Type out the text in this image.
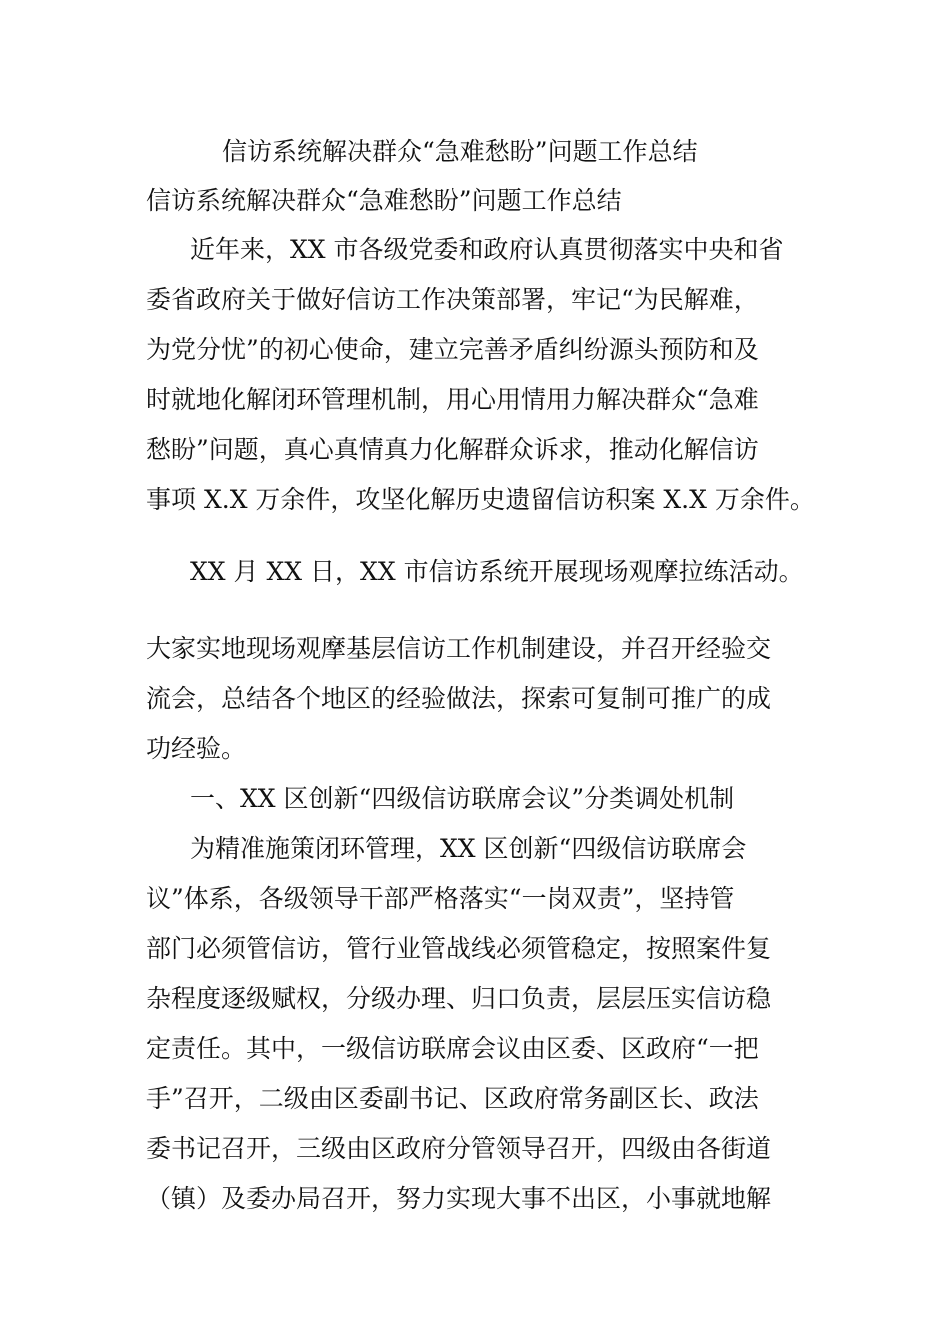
信访系统解决群众“急难愁盼”问题工作总结
信访系统解决群众“急难愁盼”问题工作总结
近年来，XX 市各级党委和政府认真贯彻落实中央和省
委省政府关于做好信访工作决策部署，牢记“为民解难，
为党分忧”的初心使命，建立完善矛盾纠纷源头预防和及
时就地化解闭环管理机制，用心用情用力解决群众“急难
愁盼”问题，真心真情真力化解群众诉求，推动化解信访
事项 X.X 万余件，攻坚化解历史遗留信访积案 X.X 万余件。
XX 月 XX 日，XX 市信访系统开展现场观摩拉练活动。
大家实地现场观摩基层信访工作机制建设，并召开经验交
流会，总结各个地区的经验做法，探索可复制可推广的成
功经验。
一、XX 区创新“四级信访联席会议”分类调处机制
为精准施策闭环管理，XX 区创新“四级信访联席会
议”体系，各级领导干部严格落实“一岗双责”，坚持管
部门必须管信访，管行业管战线必须管稳定，按照案件复
杂程度逐级赋权，分级办理、归口负责，层层压实信访稳
定责任。其中，一级信访联席会议由区委、区政府“一把
手”召开，二级由区委副书记、区政府常务副区长、政法
委书记召开，三级由区政府分管领导召开，四级由各街道
（镇）及委办局召开，努力实现大事不出区，小事就地解
